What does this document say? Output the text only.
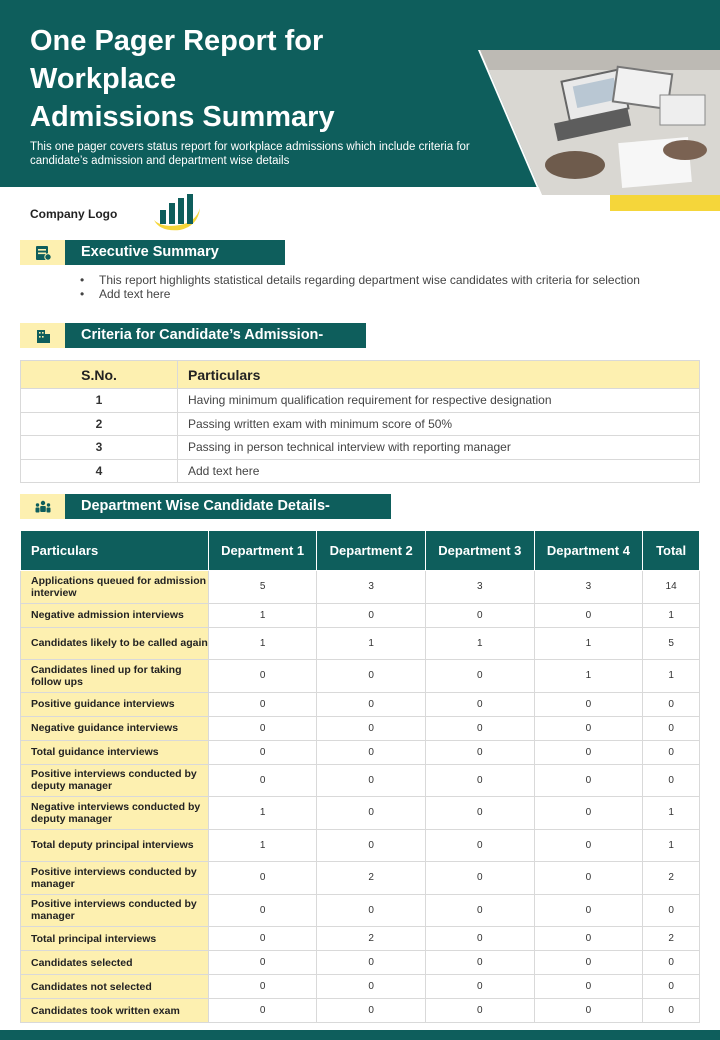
One Pager Report for
Workplace
Admissions Summary
This one pager covers status report for workplace admissions which include criteria for candidate’s admission and department wise details
Company Logo
Executive Summary
• This report highlights statistical details regarding department wise candidates with criteria for selection
• Add text here
Criteria for Candidate’s Admission-
S.No.	Particulars
1	Having minimum qualification requirement for respective designation
2	Passing written exam with minimum score of 50%
3	Passing in person technical interview with reporting manager
4	Add text here
Department Wise Candidate Details-
Particulars	Department 1	Department 2	Department 3	Department 4	Total
Applications queued for admission interview	5	3	3	3	14
Negative admission interviews	1	0	0	0	1
Candidates likely to be called again	1	1	1	1	5
Candidates lined up for taking follow ups	0	0	0	1	1
Positive guidance interviews	0	0	0	0	0
Negative guidance interviews	0	0	0	0	0
Total guidance interviews	0	0	0	0	0
Positive interviews conducted by deputy manager	0	0	0	0	0
Negative interviews conducted by deputy manager	1	0	0	0	1
Total deputy principal interviews	1	0	0	0	1
Positive interviews conducted by manager	0	2	0	0	2
Positive interviews conducted by manager	0	0	0	0	0
Total principal interviews	0	2	0	0	2
Candidates selected	0	0	0	0	0
Candidates not selected	0	0	0	0	0
Candidates took written exam	0	0	0	0	0
